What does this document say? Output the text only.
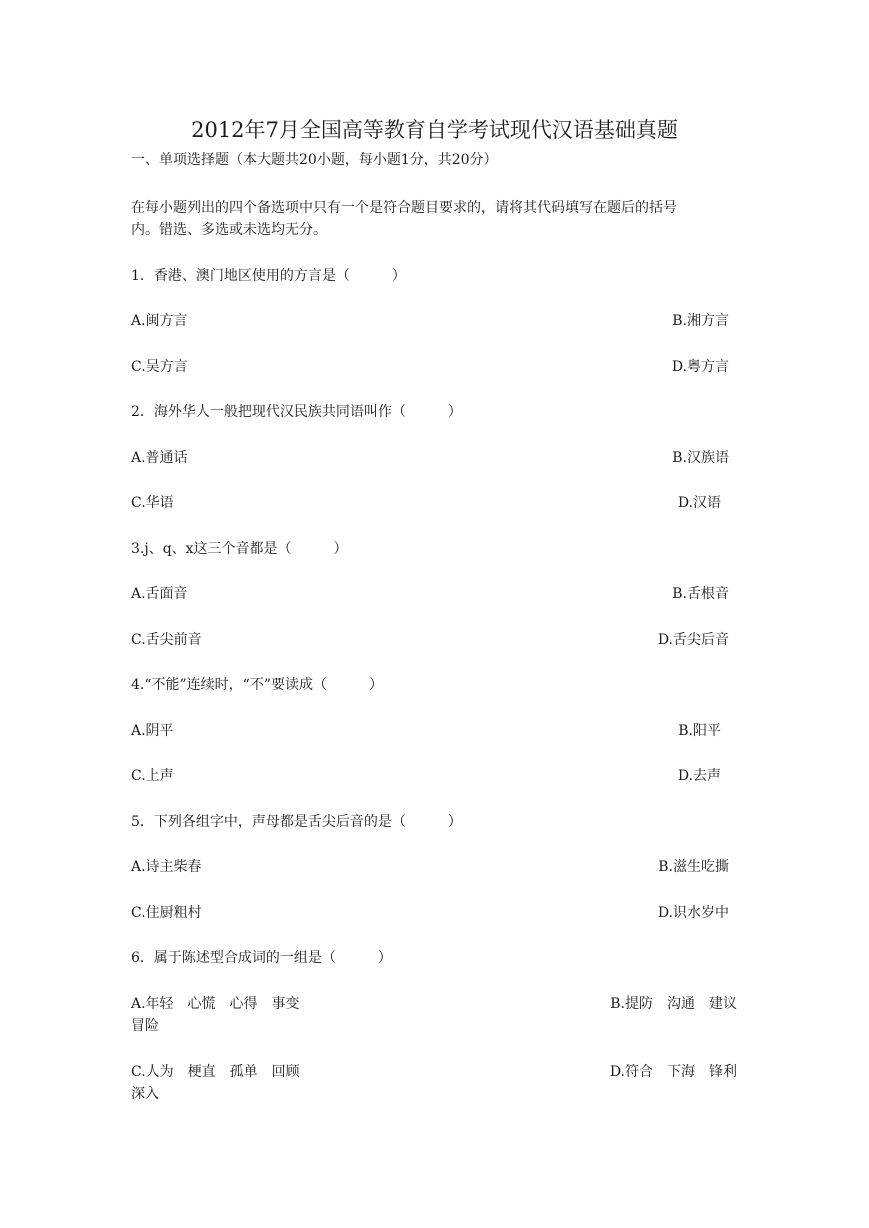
2012年7月全国高等教育自学考试现代汉语基础真题
一、单项选择题（本大题共20小题，每小题1分，共20分）
在每小题列出的四个备选项中只有一个是符合题目要求的，请将其代码填写在题后的括号
内。错选、多选或未选均无分。
1．香港、澳门地区使用的方言是（　　　）
A.闽方言	B.湘方言
C.吴方言	D.粤方言
2．海外华人一般把现代汉民族共同语叫作（　　　）
A.普通话	B.汉族语
C.华语	D.汉语
3.j、q、x这三个音都是（　　　）
A.舌面音	B.舌根音
C.舌尖前音	D.舌尖后音
4.“不能”连续时，“不”要读成（　　　）
A.阴平	B.阳平
C.上声	D.去声
5．下列各组字中，声母都是舌尖后音的是（　　　）
A.诗主柴春	B.滋生吃撕
C.住厨粗村	D.识水岁中
6．属于陈述型合成词的一组是（　　　）
A.年轻　心慌　心得　事变	B.提防　沟通　建议
冒险
C.人为　梗直　孤单　回顾	D.符合　下海　锋利
深入
